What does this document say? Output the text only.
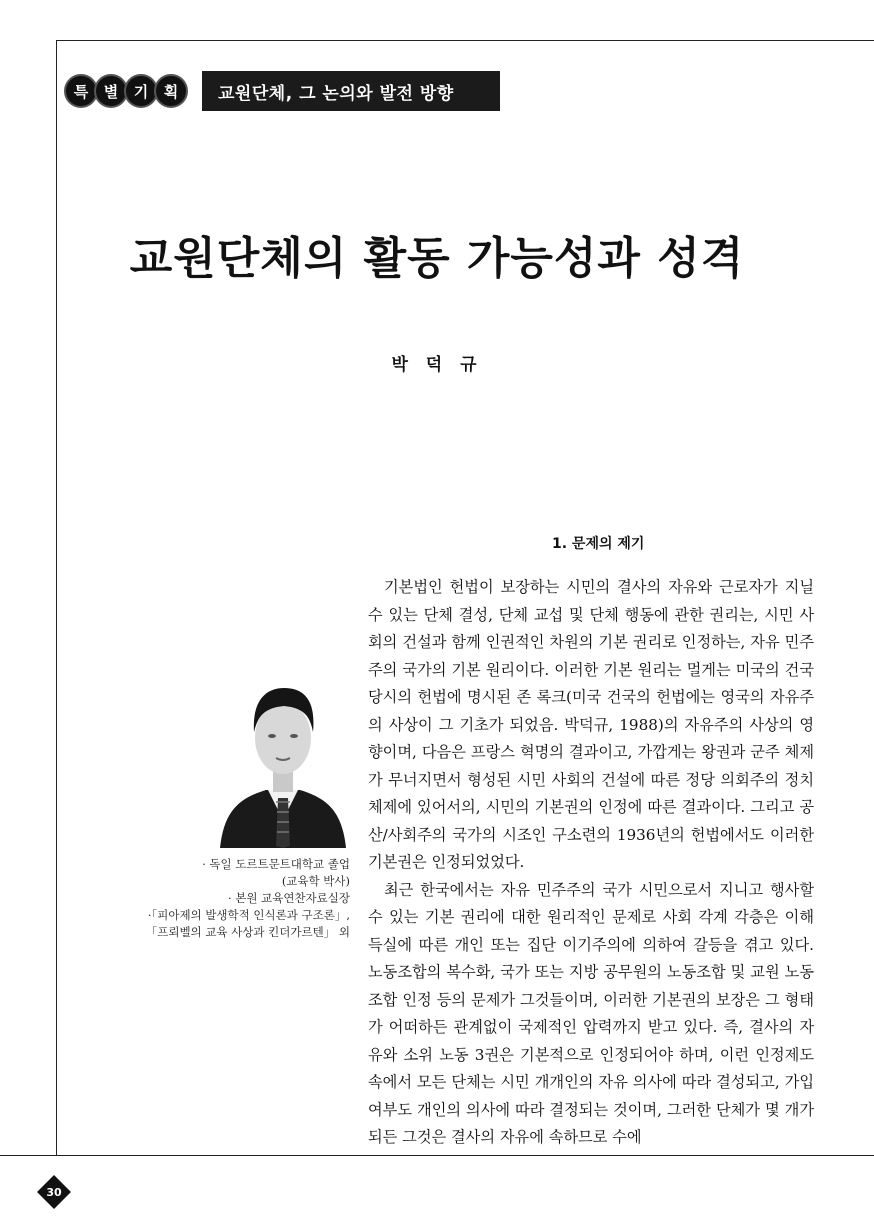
특	별	기	획	교원단체, 그 논의와 발전 방향
교원단체의 활동 가능성과 성격
박 덕 규
· 독일 도르트문트대학교 졸업
(교육학 박사)
· 본원 교육연찬자료실장
·「피아제의 발생학적 인식론과 구조론」,
「프뢰벨의 교육 사상과 킨더가르텐」 외
1. 문제의 제기

기본법인 헌법이 보장하는 시민의 결사의 자유와 근로자가 지닐 수 있는 단체 결성, 단체 교섭 및 단체 행동에 관한 권리는, 시민 사회의 건설과 함께 인권적인 차원의 기본 권리로 인정하는, 자유 민주주의 국가의 기본 원리이다. 이러한 기본 원리는 멀게는 미국의 건국 당시의 헌법에 명시된 존 록크(미국 건국의 헌법에는 영국의 자유주의 사상이 그 기초가 되었음. 박덕규, 1988)의 자유주의 사상의 영향이며, 다음은 프랑스 혁명의 결과이고, 가깝게는 왕권과 군주 체제가 무너지면서 형성된 시민 사회의 건설에 따른 정당 의회주의 정치 체제에 있어서의, 시민의 기본권의 인정에 따른 결과이다. 그리고 공산/사회주의 국가의 시조인 구소련의 1936년의 헌법에서도 이러한 기본권은 인정되었었다.

최근 한국에서는 자유 민주주의 국가 시민으로서 지니고 행사할 수 있는 기본 권리에 대한 원리적인 문제로 사회 각계 각층은 이해 득실에 따른 개인 또는 집단 이기주의에 의하여 갈등을 겪고 있다. 노동조합의 복수화, 국가 또는 지방 공무원의 노동조합 및 교원 노동조합 인정 등의 문제가 그것들이며, 이러한 기본권의 보장은 그 형태가 어떠하든 관계없이 국제적인 압력까지 받고 있다. 즉, 결사의 자유와 소위 노동 3권은 기본적으로 인정되어야 하며, 이런 인정제도 속에서 모든 단체는 시민 개개인의 자유 의사에 따라 결성되고, 가입 여부도 개인의 의사에 따라 결정되는 것이며, 그러한 단체가 몇 개가 되든 그것은 결사의 자유에 속하므로 수에

30
